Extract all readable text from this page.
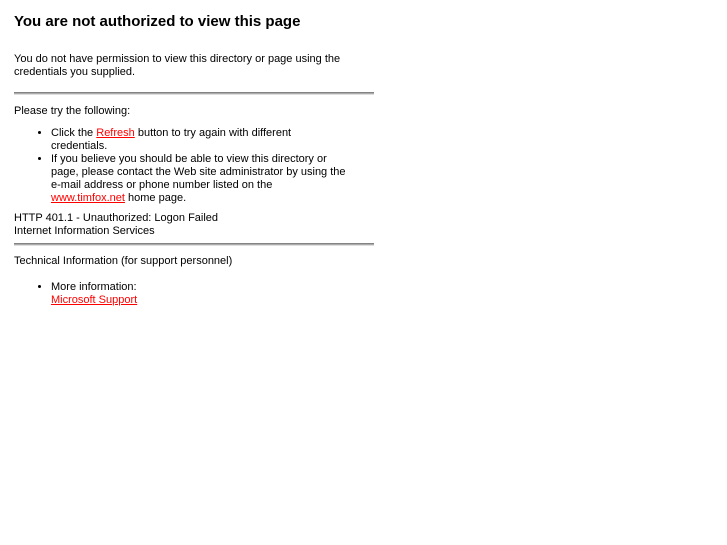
You are not authorized to view this page

You do not have permission to view this directory or page using the
credentials you supplied.

Please try the following:

• Click the Refresh button to try again with different
credentials.
• If you believe you should be able to view this directory or
page, please contact the Web site administrator by using the
e-mail address or phone number listed on the
www.timfox.net home page.

HTTP 401.1 - Unauthorized: Logon Failed
Internet Information Services

Technical Information (for support personnel)

• More information:
Microsoft Support
